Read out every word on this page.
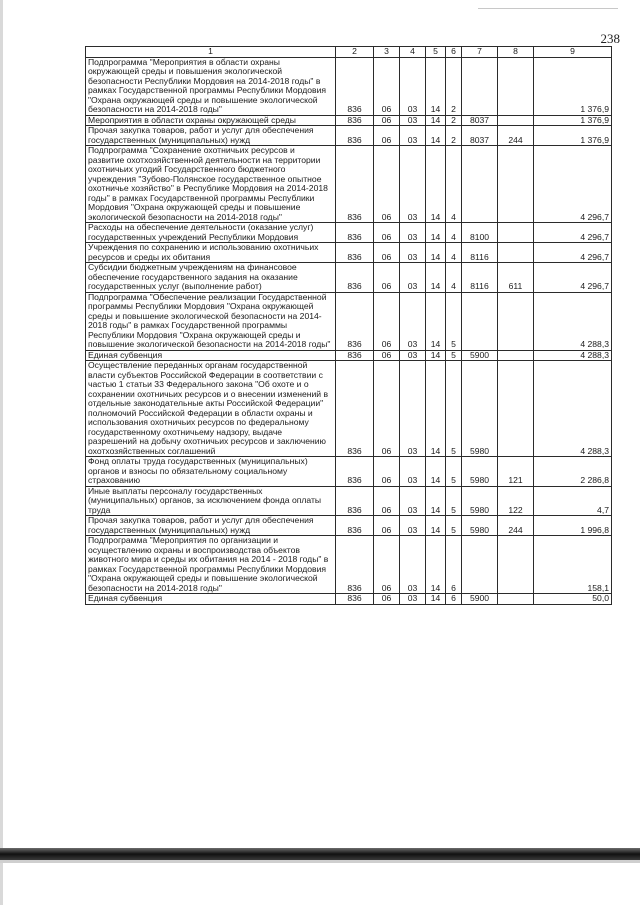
238
1	2	3	4	5	6	7	8	9
Подпрограмма "Мероприятия в области охраны окружающей среды и повышения экологической безопасности Республики Мордовия на 2014-2018 годы" в рамках Государственной программы Республики Мордовия "Охрана окружающей среды и повышение экологической безопасности на 2014-2018 годы"	836	06	03	14	2			1 376,9
Мероприятия в области охраны окружающей среды	836	06	03	14	2	8037		1 376,9
Прочая закупка товаров, работ и услуг для обеспечения государственных (муниципальных) нужд	836	06	03	14	2	8037	244	1 376,9
Подпрограмма "Сохранение охотничьих ресурсов и развитие охотхозяйственной деятельности на территории охотничьих угодий Государственного бюджетного учреждения "Зубово-Полянское государственное опытное охотничье хозяйство" в Республике Мордовия на 2014-2018 годы" в рамках Государственной программы Республики Мордовия "Охрана окружающей среды и повышение экологической безопасности на 2014-2018 годы"	836	06	03	14	4			4 296,7
Расходы на обеспечение деятельности (оказание услуг) государственных учреждений Республики Мордовия	836	06	03	14	4	8100		4 296,7
Учреждения по сохранению и использованию охотничьих ресурсов и среды их обитания	836	06	03	14	4	8116		4 296,7
Субсидии бюджетным учреждениям на финансовое обеспечение государственного задания на оказание государственных услуг (выполнение работ)	836	06	03	14	4	8116	611	4 296,7
Подпрограмма "Обеспечение реализации Государственной программы Республики Мордовия "Охрана окружающей среды и повышение экологической безопасности на 2014-2018 годы" в рамках Государственной программы Республики Мордовия "Охрана окружающей среды и повышение экологической безопасности на 2014-2018 годы"	836	06	03	14	5			4 288,3
Единая субвенция	836	06	03	14	5	5900		4 288,3
Осуществление переданных органам государственной власти субъектов Российской Федерации в соответствии с частью 1 статьи 33 Федерального закона "Об охоте и о сохранении охотничьих ресурсов и о внесении изменений в отдельные законодательные акты Российской Федерации" полномочий Российской Федерации в области охраны и использования охотничьих ресурсов по федеральному государственному охотничьему надзору, выдаче разрешений на добычу охотничьих ресурсов и заключению охотхозяйственных соглашений	836	06	03	14	5	5980		4 288,3
Фонд оплаты труда государственных (муниципальных) органов и взносы по обязательному социальному страхованию	836	06	03	14	5	5980	121	2 286,8
Иные выплаты персоналу государственных (муниципальных) органов, за исключением фонда оплаты труда	836	06	03	14	5	5980	122	4,7
Прочая закупка товаров, работ и услуг для обеспечения государственных (муниципальных) нужд	836	06	03	14	5	5980	244	1 996,8
Подпрограмма "Мероприятия по организации и осуществлению охраны и воспроизводства объектов животного мира и среды их обитания на 2014 - 2018 годы" в рамках Государственной программы Республики Мордовия "Охрана окружающей среды и повышение экологической безопасности на 2014-2018 годы"	836	06	03	14	6			158,1
Единая субвенция	836	06	03	14	6	5900		50,0
